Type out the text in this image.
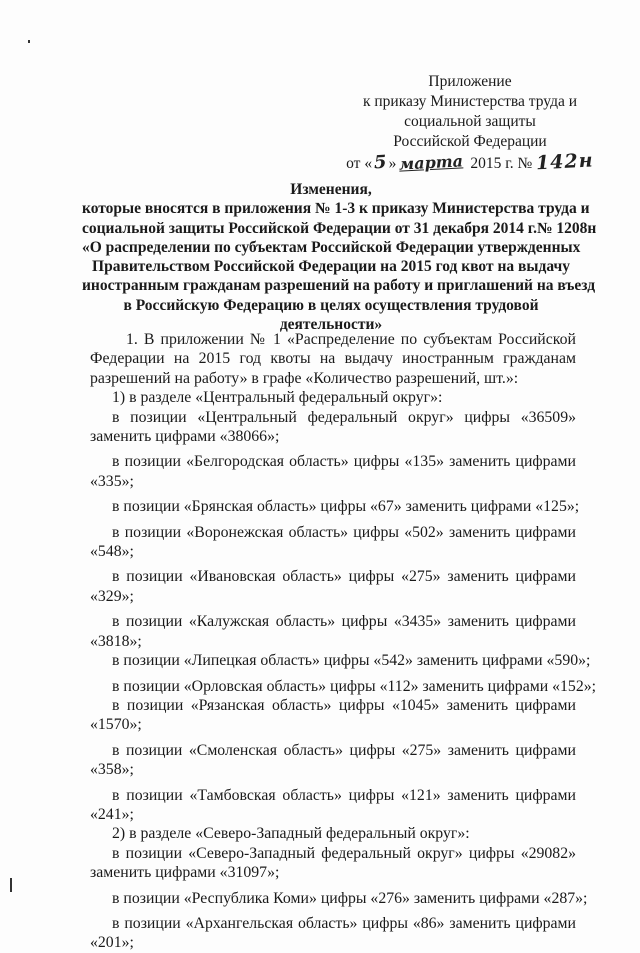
Приложение
к приказу Министерства труда и
социальной защиты
Российской Федерации
от «5» марта 2015 г. № 142н
Изменения,
которые вносятся в приложения № 1-3 к приказу Министерства труда и
социальной защиты Российской Федерации от 31 декабря 2014 г.№ 1208н
«О распределении по субъектам Российской Федерации утвержденных
Правительством Российской Федерации на 2015 год квот на выдачу
иностранным гражданам разрешений на работу и приглашений на въезд
в Российскую Федерацию в целях осуществления трудовой
деятельности»
1. В приложении № 1 «Распределение по субъектам Российской Федерации на 2015 год квоты на выдачу иностранным гражданам разрешений на работу» в графе «Количество разрешений, шт.»:
1) в разделе «Центральный федеральный округ»:
в позиции «Центральный федеральный округ» цифры «36509» заменить цифрами «38066»;
в позиции «Белгородская область» цифры «135» заменить цифрами «335»;
в позиции «Брянская область» цифры «67» заменить цифрами «125»;
в позиции «Воронежская область» цифры «502» заменить цифрами «548»;
в позиции «Ивановская область» цифры «275» заменить цифрами «329»;
в позиции «Калужская область» цифры «3435» заменить цифрами «3818»;
в позиции «Липецкая область» цифры «542» заменить цифрами «590»;
в позиции «Орловская область» цифры «112» заменить цифрами «152»;
в позиции «Рязанская область» цифры «1045» заменить цифрами «1570»;
в позиции «Смоленская область» цифры «275» заменить цифрами «358»;
в позиции «Тамбовская область» цифры «121» заменить цифрами «241»;
2) в разделе «Северо-Западный федеральный округ»:
в позиции «Северо-Западный федеральный округ» цифры «29082» заменить цифрами «31097»;
в позиции «Республика Коми» цифры «276» заменить цифрами «287»;
в позиции «Архангельская область» цифры «86» заменить цифрами «201»;
